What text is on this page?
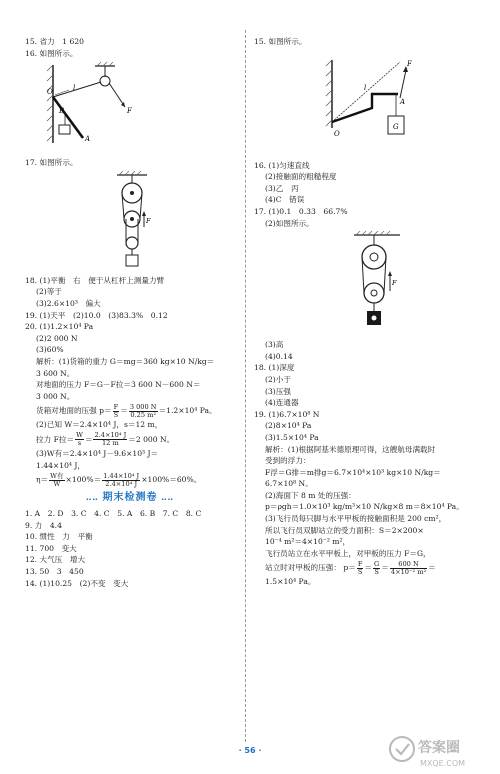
15. 省力　1 620
16. 如图所示。
O	l
F
B
A
17. 如图所示。
F
18. (1)平衡　右　便于从杠杆上测量力臂
(2)等于
(3)2.6×10³　偏大
19. (1)天平　(2)10.0　(3)83.3%　0.12
20. (1)1.2×10⁴ Pa
(2)2 000 N
(3)60%
解析：(1)货箱的重力 G＝mg＝360 kg×10 N/kg＝
3 600 N。
对地面的压力 F＝G－F拉＝3 600 N－600 N＝
3 000 N。
货箱对地面的压强 $p= \frac{F}{S} = \frac{3 000 N}{\text{0.25 m²}} =1.2\times 10^4$ Pa。
(2)已知 W＝2.4×10⁴ J，s＝12 m，
拉力 F拉＝ $\frac{W}{s} = \frac{\text{2.4×10⁴ J}}{12 m} =2$ 000 N。
(3)W有＝2.4×10⁴ J－9.6×10³ J＝
1.44×10⁴ J，
$\eta= \frac{\text{W有}}{W} \times 100\%= \frac{\text{1.44×10⁴ J}}{\text{2.4×10⁴ J}} \times 100\%=60\%$。
‥‥ 期末检测卷 ‥‥
1. A　2. D　3. C　4. C　5. A　6. B　7. C　8. C
9. 力　4.4
10. 惯性　力　平衡
11. 700　变大
12. 大气压　增大
13. 50　3　450
14. (1)10.25　(2)不变　变大
15. 如图所示。
F
l
A
O
G
16. (1)匀速直线
(2)接触面的粗糙程度
(3)乙　丙
(4)C　错误
17. (1)0.1　0.33　66.7%
(2)如图所示。
F
(3)高
(4)0.14
18. (1)深度
(2)小于
(3)压强
(4)连通器
19. (1)6.7×10⁸ N
(2)8×10⁴ Pa
(3)1.5×10⁴ Pa
解析：(1)根据阿基米德原理可得，这艘航母满载时
受到的浮力：
F浮＝G排＝m排g＝6.7×10⁴×10³ kg×10 N/kg＝
6.7×10⁸ N。
(2)海面下 8 m 处的压强：
p＝ρgh＝1.0×10³ kg/m³×10 N/kg×8 m＝8×10⁴ Pa。
(3)飞行员每只脚与水平甲板的接触面积是 200 cm²，
所以飞行员双脚站立的受力面积：S＝2×200×
10⁻⁴ m²＝4×10⁻² m²，
飞行员站立在水平甲板上，对甲板的压力 F＝G，
站立时对甲板的压强： $p= \frac{F}{S} = \frac{G}{S} = \frac{600 N}{\text{4×10⁻² m²}}$ ＝
1.5×10⁴ Pa。
· 56 ·	答案圈
MXQE.COM
